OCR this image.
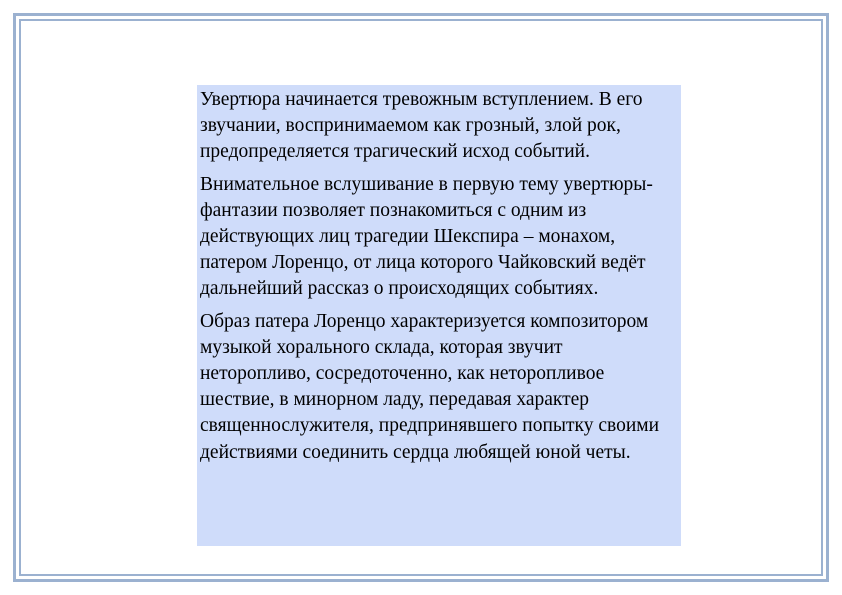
Увертюра начинается тревожным вступлением. В его звучании, воспринимаемом как грозный, злой рок, предопределяется трагический исход событий.

Внимательное вслушивание в первую тему увертюры-фантазии позволяет познакомиться с одним из действующих лиц трагедии Шекспира – монахом, патером Лоренцо, от лица которого Чайковский ведёт дальнейший рассказ о происходящих событиях.

Образ патера Лоренцо характеризуется композитором музыкой хорального склада, которая звучит неторопливо, сосредоточенно, как неторопливое шествие, в минорном ладу, передавая характер священнослужителя, предпринявшего попытку своими действиями соединить сердца любящей юной четы.
